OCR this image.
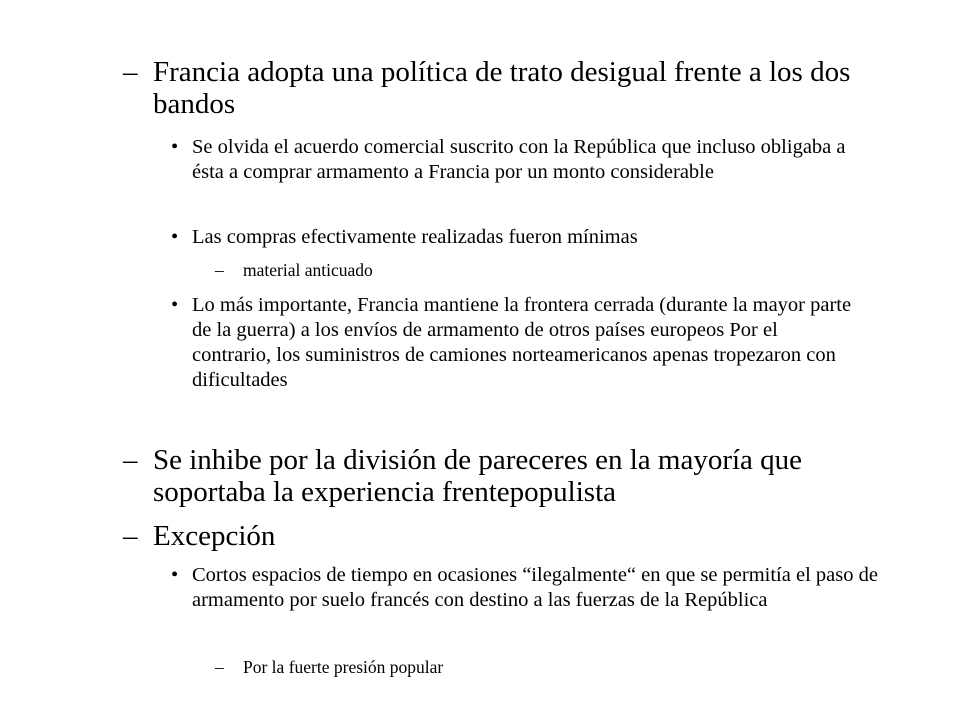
– Francia adopta una política de trato desigual frente a los dos bandos
• Se olvida el acuerdo comercial suscrito con la República que incluso obligaba a ésta a comprar armamento a Francia por un monto considerable
• Las compras efectivamente realizadas fueron mínimas
– material anticuado
• Lo más importante, Francia mantiene la frontera cerrada (durante la mayor parte de la guerra) a los envíos de armamento de otros países europeos Por el contrario, los suministros de camiones norteamericanos apenas tropezaron con dificultades
– Se inhibe por la división de pareceres en la mayoría que soportaba la experiencia frentepopulista
– Excepción
• Cortos espacios de tiempo en ocasiones “ilegalmente“ en que se permitía el paso de armamento por suelo francés con destino a las fuerzas de la República
– Por la fuerte presión popular
